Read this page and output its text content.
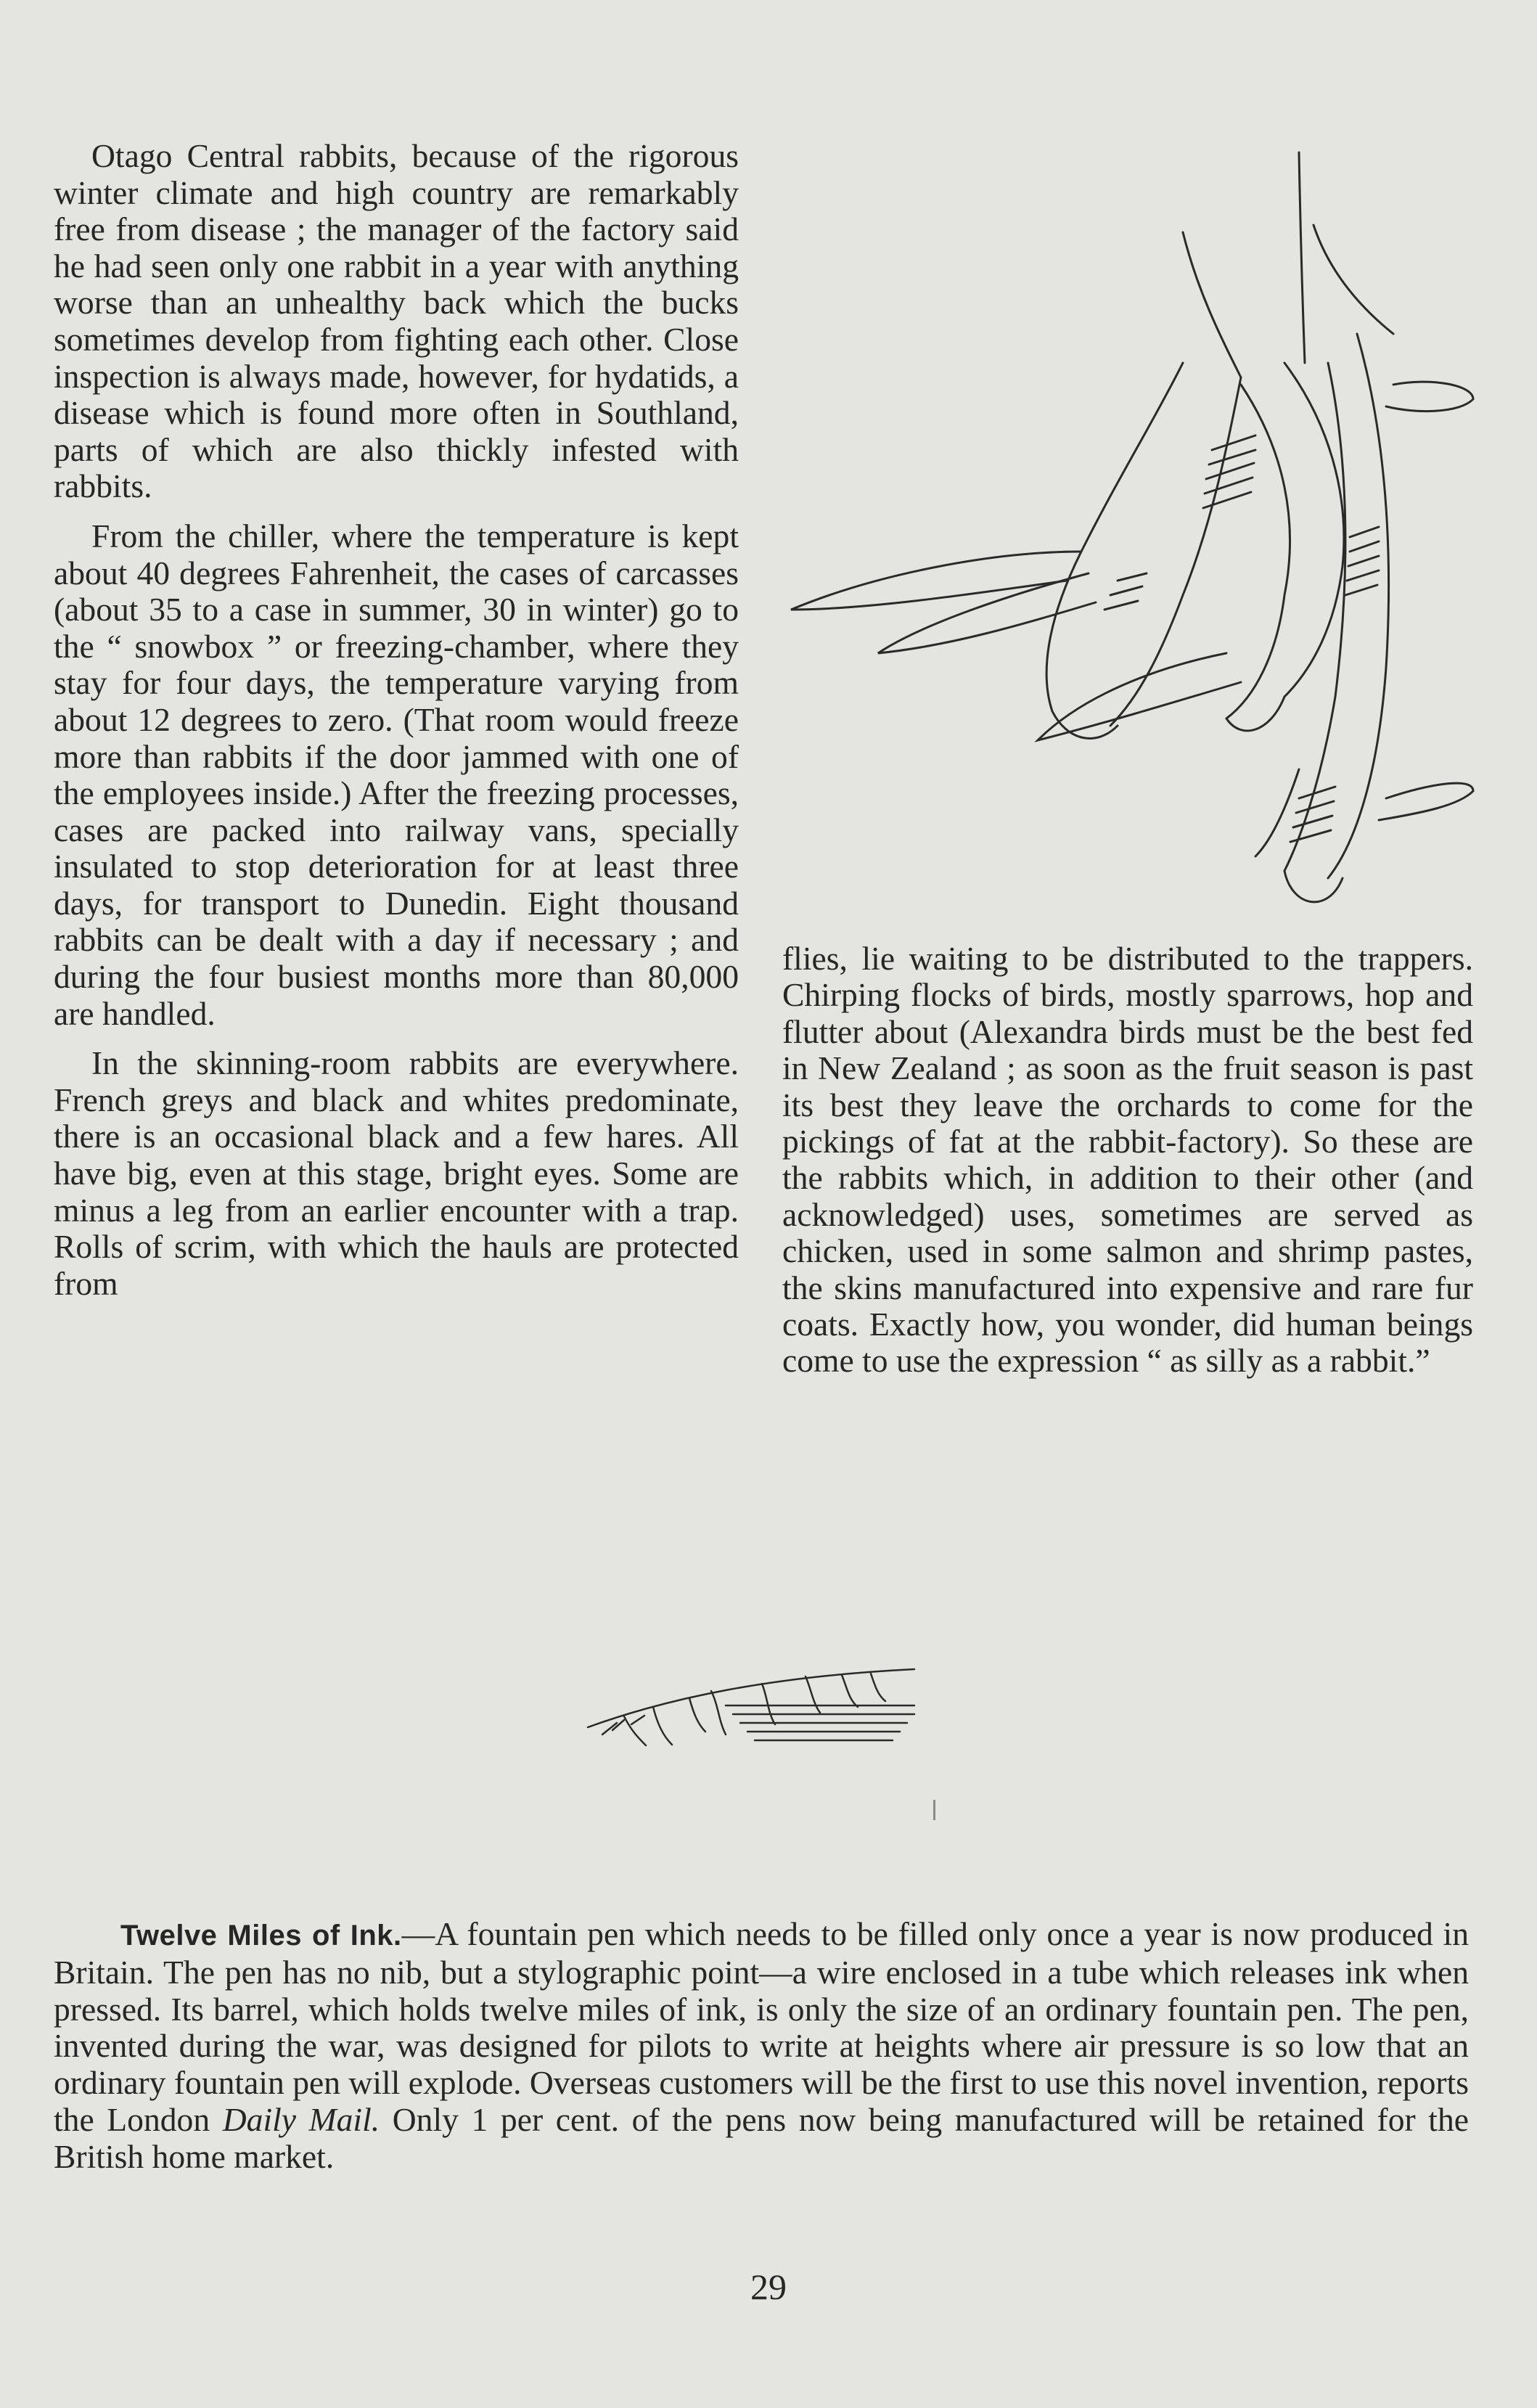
Otago Central rabbits, because of the rigorous winter climate and high country are remarkably free from disease ; the manager of the factory said he had seen only one rabbit in a year with anything worse than an unhealthy back which the bucks sometimes develop from fighting each other. Close inspection is always made, however, for hydatids, a disease which is found more often in Southland, parts of which are also thickly infested with rabbits.

From the chiller, where the temperature is kept about 40 degrees Fahrenheit, the cases of carcasses (about 35 to a case in summer, 30 in winter) go to the “ snowbox ” or freezing-chamber, where they stay for four days, the temperature varying from about 12 degrees to zero. (That room would freeze more than rabbits if the door jammed with one of the employees inside.) After the freezing processes, cases are packed into railway vans, specially insulated to stop deterioration for at least three days, for transport to Dunedin. Eight thousand rabbits can be dealt with a day if necessary ; and during the four busiest months more than 80,000 are handled.

In the skinning-room rabbits are everywhere. French greys and black and whites predominate, there is an occasional black and a few hares. All have big, even at this stage, bright eyes. Some are minus a leg from an earlier encounter with a trap. Rolls of scrim, with which the hauls are protected from

flies, lie waiting to be distributed to the trappers. Chirping flocks of birds, mostly sparrows, hop and flutter about (Alexandra birds must be the best fed in New Zealand ; as soon as the fruit season is past its best they leave the orchards to come for the pickings of fat at the rabbit-factory). So these are the rabbits which, in addition to their other (and acknowledged) uses, sometimes are served as chicken, used in some salmon and shrimp pastes, the skins manufactured into expensive and rare fur coats. Exactly how, you wonder, did human beings come to use the expression “ as silly as a rabbit.”

Twelve Miles of Ink.—A fountain pen which needs to be filled only once a year is now produced in Britain. The pen has no nib, but a stylographic point—a wire enclosed in a tube which releases ink when pressed. Its barrel, which holds twelve miles of ink, is only the size of an ordinary fountain pen. The pen, invented during the war, was designed for pilots to write at heights where air pressure is so low that an ordinary fountain pen will explode. Overseas customers will be the first to use this novel invention, reports the London Daily Mail. Only 1 per cent. of the pens now being manufactured will be retained for the British home market.

29
